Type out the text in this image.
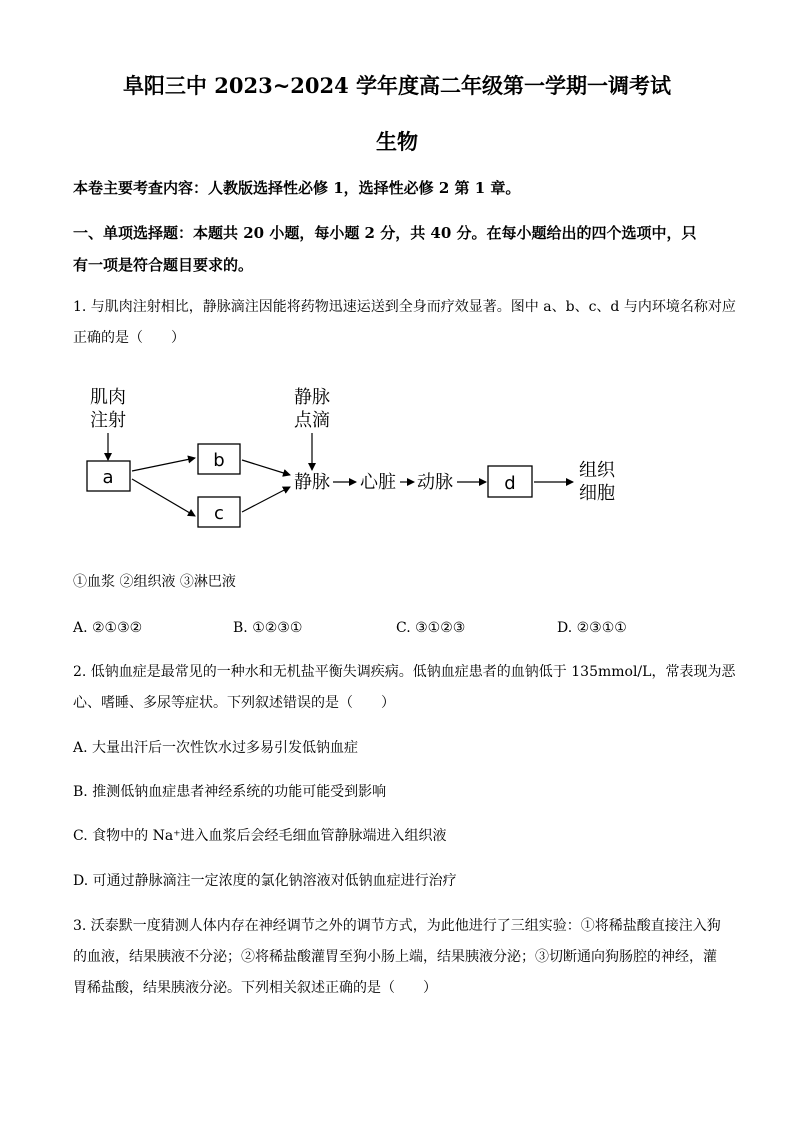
阜阳三中 2023~2024 学年度高二年级第一学期一调考试
生物
本卷主要考查内容：人教版选择性必修 1，选择性必修 2 第 1 章。
一、单项选择题：本题共 20 小题，每小题 2 分，共 40 分。在每小题给出的四个选项中，只
有一项是符合题目要求的。
1. 与肌肉注射相比，静脉滴注因能将药物迅速运送到全身而疗效显著。图中 a、b、c、d 与内环境名称对应
正确的是（　　）
肌肉
注射
静脉
点滴
a
b
c
静脉 心脏 动脉	d
组织
细胞
①血浆 ②组织液 ③淋巴液
A. ②①③②	B. ①②③①	C. ③①②③	D. ②③①①
2. 低钠血症是最常见的一种水和无机盐平衡失调疾病。低钠血症患者的血钠低于 135mmol/L，常表现为恶
心、嗜睡、多尿等症状。下列叙述错误的是（　　）
A. 大量出汗后一次性饮水过多易引发低钠血症
B. 推测低钠血症患者神经系统的功能可能受到影响
C. 食物中的 Na⁺进入血浆后会经毛细血管静脉端进入组织液
D. 可通过静脉滴注一定浓度的氯化钠溶液对低钠血症进行治疗
3. 沃泰默一度猜测人体内存在神经调节之外的调节方式，为此他进行了三组实验：①将稀盐酸直接注入狗
的血液，结果胰液不分泌；②将稀盐酸灌胃至狗小肠上端，结果胰液分泌；③切断通向狗肠腔的神经，灌
胃稀盐酸，结果胰液分泌。下列相关叙述正确的是（　　）
